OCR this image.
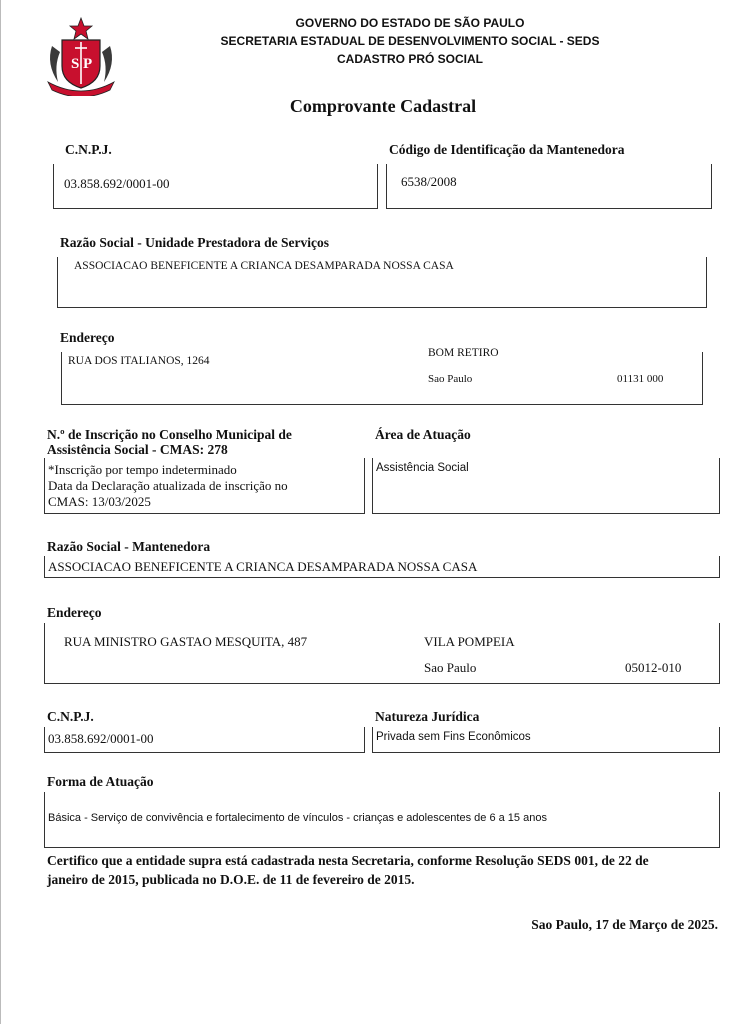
S P
GOVERNO DO ESTADO DE SÃO PAULO
SECRETARIA ESTADUAL DE DESENVOLVIMENTO SOCIAL - SEDS
CADASTRO PRÓ SOCIAL
Comprovante Cadastral
C.N.P.J.
03.858.692/0001-00
Código de Identificação da Mantenedora
6538/2008
Razão Social - Unidade Prestadora de Serviços
ASSOCIACAO BENEFICENTE A CRIANCA DESAMPARADA NOSSA CASA
Endereço
RUA DOS ITALIANOS, 1264
BOM RETIRO
Sao Paulo	01131 000
N.º de Inscrição no Conselho Municipal de
Assistência Social - CMAS: 278
*Inscrição por tempo indeterminado
Data da Declaração atualizada de inscrição no
CMAS: 13/03/2025
Área de Atuação
Assistência Social
Razão Social - Mantenedora
ASSOCIACAO BENEFICENTE A CRIANCA DESAMPARADA NOSSA CASA
Endereço
RUA MINISTRO GASTAO MESQUITA, 487	VILA POMPEIA
Sao Paulo	05012-010
C.N.P.J.
03.858.692/0001-00
Natureza Jurídica
Privada sem Fins Econômicos
Forma de Atuação
Básica - Serviço de convivência e fortalecimento de vínculos - crianças e adolescentes de 6 a 15 anos
Certifico que a entidade supra está cadastrada nesta Secretaria, conforme Resolução SEDS 001, de 22 de
janeiro de 2015, publicada no D.O.E. de 11 de fevereiro de 2015.
Sao Paulo, 17 de Março de 2025.
